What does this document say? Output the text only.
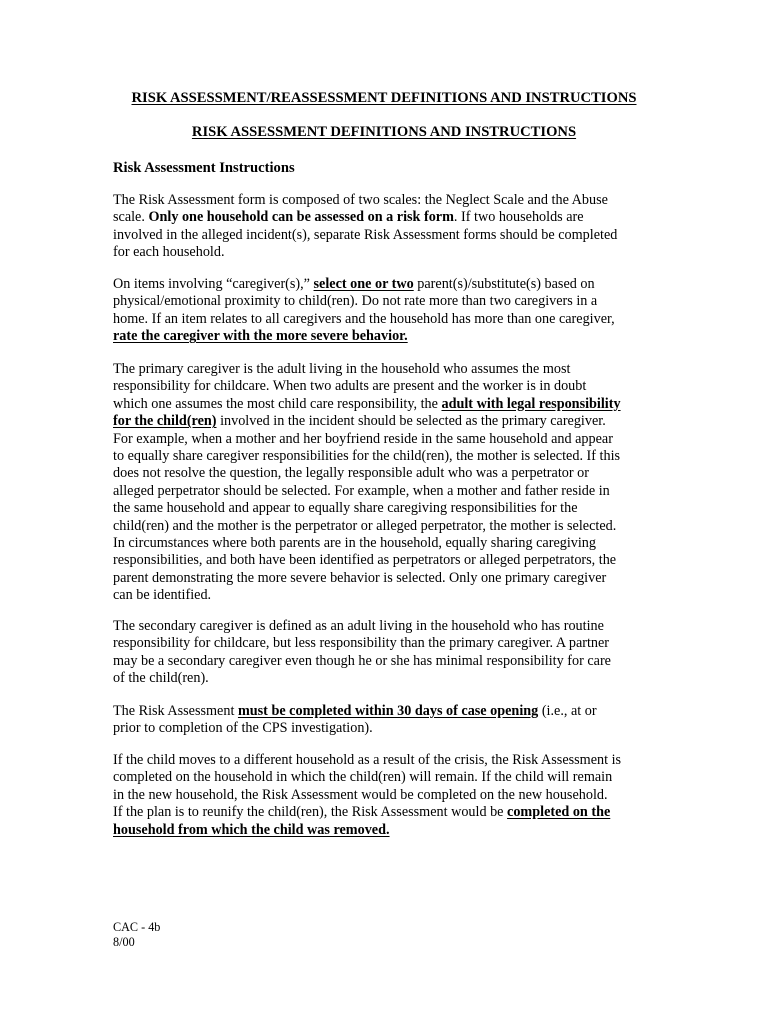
RISK ASSESSMENT/REASSESSMENT DEFINITIONS AND INSTRUCTIONS
RISK ASSESSMENT DEFINITIONS AND INSTRUCTIONS
Risk Assessment Instructions
The Risk Assessment form is composed of two scales: the Neglect Scale and the Abuse
scale. Only one household can be assessed on a risk form. If two households are
involved in the alleged incident(s), separate Risk Assessment forms should be completed
for each household.
On items involving “caregiver(s),” select one or two parent(s)/substitute(s) based on
physical/emotional proximity to child(ren). Do not rate more than two caregivers in a
home. If an item relates to all caregivers and the household has more than one caregiver,
rate the caregiver with the more severe behavior.
The primary caregiver is the adult living in the household who assumes the most
responsibility for childcare. When two adults are present and the worker is in doubt
which one assumes the most child care responsibility, the adult with legal responsibility
for the child(ren) involved in the incident should be selected as the primary caregiver.
For example, when a mother and her boyfriend reside in the same household and appear
to equally share caregiver responsibilities for the child(ren), the mother is selected. If this
does not resolve the question, the legally responsible adult who was a perpetrator or
alleged perpetrator should be selected. For example, when a mother and father reside in
the same household and appear to equally share caregiving responsibilities for the
child(ren) and the mother is the perpetrator or alleged perpetrator, the mother is selected.
In circumstances where both parents are in the household, equally sharing caregiving
responsibilities, and both have been identified as perpetrators or alleged perpetrators, the
parent demonstrating the more severe behavior is selected. Only one primary caregiver
can be identified.
The secondary caregiver is defined as an adult living in the household who has routine
responsibility for childcare, but less responsibility than the primary caregiver. A partner
may be a secondary caregiver even though he or she has minimal responsibility for care
of the child(ren).
The Risk Assessment must be completed within 30 days of case opening (i.e., at or
prior to completion of the CPS investigation).
If the child moves to a different household as a result of the crisis, the Risk Assessment is
completed on the household in which the child(ren) will remain. If the child will remain
in the new household, the Risk Assessment would be completed on the new household.
If the plan is to reunify the child(ren), the Risk Assessment would be completed on the
household from which the child was removed.
CAC - 4b
8/00
